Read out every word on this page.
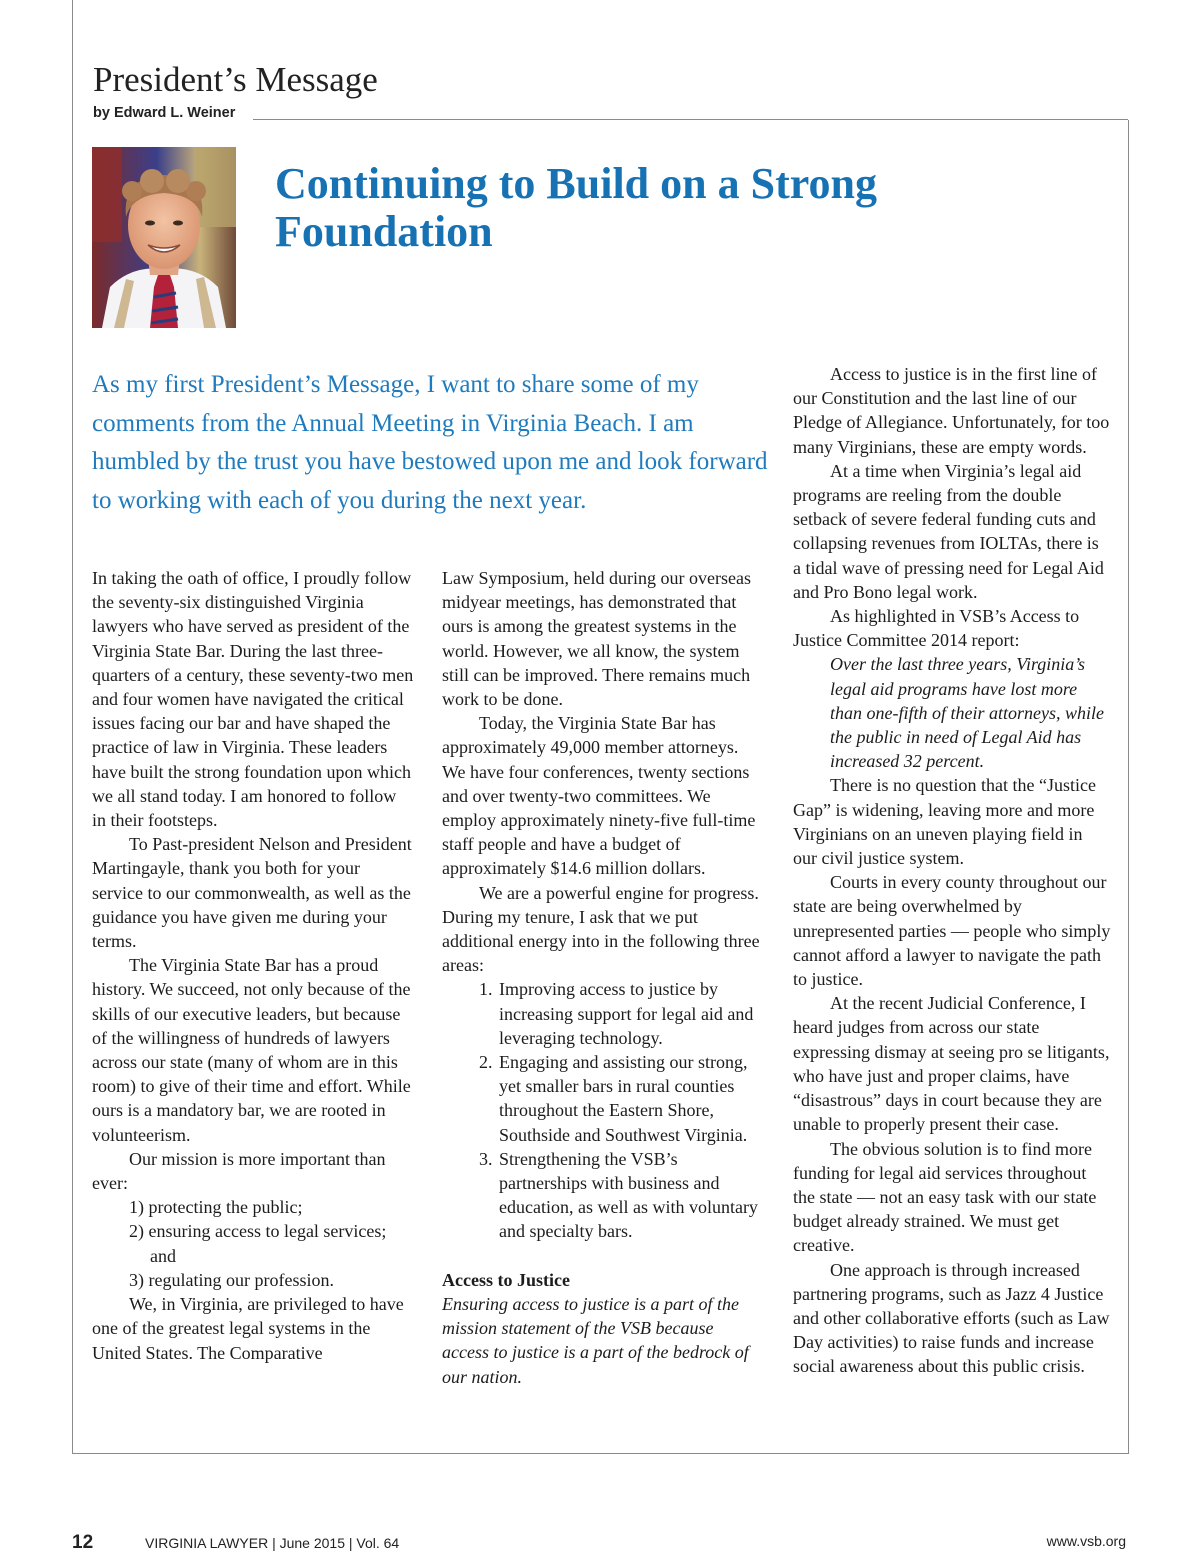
President’s Message
by Edward L. Weiner
Continuing to Build on a Strong Foundation

As my first President’s Message, I want to share some of my comments from the Annual Meeting in Virginia Beach. I am humbled by the trust you have bestowed upon me and look forward to working with each of you during the next year.

In taking the oath of office, I proudly follow the seventy-six distinguished Virginia lawyers who have served as president of the Virginia State Bar. During the last three-quarters of a century, these seventy-two men and four women have navigated the critical issues facing our bar and have shaped the practice of law in Virginia. These leaders have built the strong foundation upon which we all stand today. I am honored to follow in their footsteps.

To Past-president Nelson and President Martingayle, thank you both for your service to our commonwealth, as well as the guidance you have given me during your terms.

The Virginia State Bar has a proud history. We succeed, not only because of the skills of our executive leaders, but because of the willingness of hundreds of lawyers across our state (many of whom are in this room) to give of their time and effort. While ours is a mandatory bar, we are rooted in volunteerism.

Our mission is more important than ever:

1) protecting the public;

2) ensuring access to legal services; and

3) regulating our profession.

We, in Virginia, are privileged to have one of the greatest legal systems in the United States. The Comparative

Law Symposium, held during our overseas midyear meetings, has demonstrated that ours is among the greatest systems in the world. However, we all know, the system still can be improved. There remains much work to be done.

Today, the Virginia State Bar has approximately 49,000 member attorneys. We have four conferences, twenty sections and over twenty-two committees. We employ approximately ninety-five full-time staff people and have a budget of approximately $14.6 million dollars.

We are a powerful engine for progress. During my tenure, I ask that we put additional energy into in the following three areas:

1. Improving access to justice by increasing support for legal aid and leveraging technology.
2. Engaging and assisting our strong, yet smaller bars in rural counties throughout the Eastern Shore, Southside and Southwest Virginia.
3. Strengthening the VSB’s partnerships with business and education, as well as with voluntary and specialty bars.

Access to Justice

Ensuring access to justice is a part of the mission statement of the VSB because access to justice is a part of the bedrock of our nation.

Access to justice is in the first line of our Constitution and the last line of our Pledge of Allegiance. Unfortunately, for too many Virginians, these are empty words.

At a time when Virginia’s legal aid programs are reeling from the double setback of severe federal funding cuts and collapsing revenues from IOLTAs, there is a tidal wave of pressing need for Legal Aid and Pro Bono legal work.

As highlighted in VSB’s Access to Justice Committee 2014 report:

Over the last three years, Virginia’s legal aid programs have lost more than one-fifth of their attorneys, while the public in need of Legal Aid has increased 32 percent.

There is no question that the “Justice Gap” is widening, leaving more and more Virginians on an uneven playing field in our civil justice system.

Courts in every county throughout our state are being overwhelmed by unrepresented parties — people who simply cannot afford a lawyer to navigate the path to justice.

At the recent Judicial Conference, I heard judges from across our state expressing dismay at seeing pro se litigants, who have just and proper claims, have “disastrous” days in court because they are unable to properly present their case.

The obvious solution is to find more funding for legal aid services throughout the state — not an easy task with our state budget already strained. We must get creative.

One approach is through increased partnering programs, such as Jazz 4 Justice and other collaborative efforts (such as Law Day activities) to raise funds and increase social awareness about this public crisis.

12	VIRGINIA LAWYER | June 2015 | Vol. 64	www.vsb.org
